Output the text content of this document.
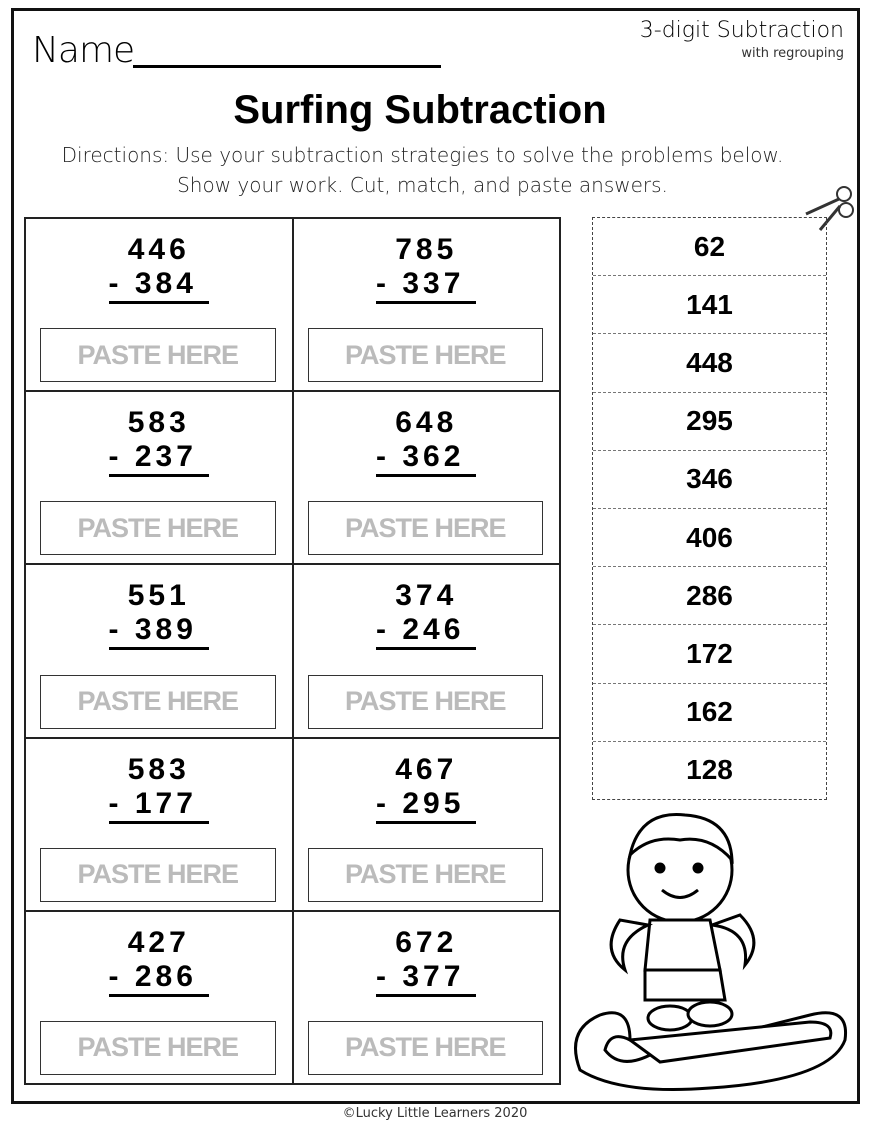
Name	3-digit Subtraction
with regrouping
Surfing Subtraction
Directions: Use your subtraction strategies to solve the problems below.
Show your work. Cut, match, and paste answers.
446
- 384
PASTE HERE
785
- 337
PASTE HERE
583
- 237
PASTE HERE
648
- 362
PASTE HERE
551
- 389
PASTE HERE
374
- 246
PASTE HERE
583
- 177
PASTE HERE
467
- 295
PASTE HERE
427
- 286
PASTE HERE
672
- 377
PASTE HERE
62
141
448
295
346
406
286
172
162
128
©Lucky Little Learners 2020
